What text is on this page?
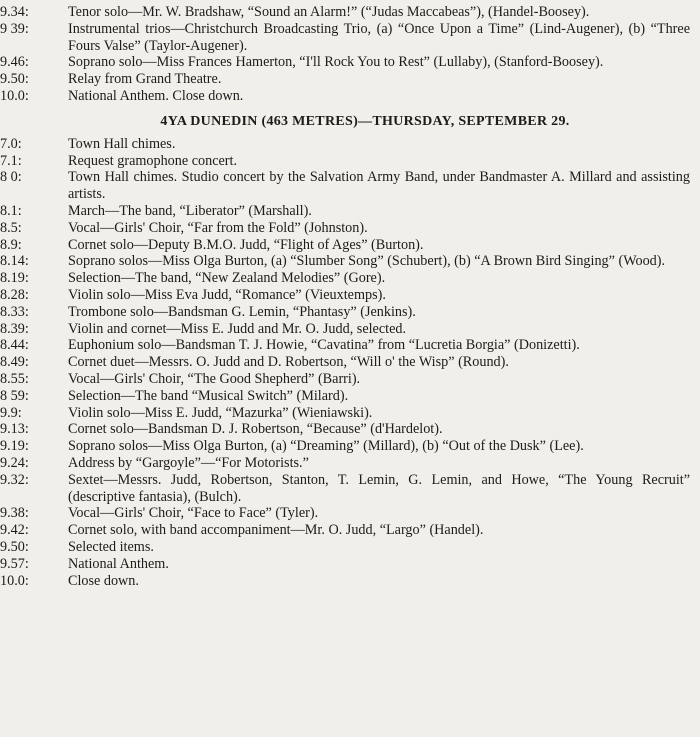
9.34:	Tenor solo—Mr. W. Bradshaw, “Sound an Alarm!” (“Judas Maccabeas”), (Handel-Boosey).
9 39:	Instrumental trios—Christchurch Broadcasting Trio, (a) “Once Upon a Time” (Lind-Augener), (b) “Three Fours Valse” (Taylor-Augener).
9.46:	Soprano solo—Miss Frances Hamerton, “I'll Rock You to Rest” (Lullaby), (Stanford-Boosey).
9.50:	Relay from Grand Theatre.
10.0:	National Anthem. Close down.
4YA DUNEDIN (463 METRES)—THURSDAY, SEPTEMBER 29.
7.0:	Town Hall chimes.
7.1:	Request gramophone concert.
8 0:	Town Hall chimes. Studio concert by the Salvation Army Band, under Bandmaster A. Millard and assisting artists.
8.1:	March—The band, “Liberator” (Marshall).
8.5:	Vocal—Girls' Choir, “Far from the Fold” (Johnston).
8.9:	Cornet solo—Deputy B.M.O. Judd, “Flight of Ages” (Burton).
8.14:	Soprano solos—Miss Olga Burton, (a) “Slumber Song” (Schubert), (b) “A Brown Bird Singing” (Wood).
8.19:	Selection—The band, “New Zealand Melodies” (Gore).
8.28:	Violin solo—Miss Eva Judd, “Romance” (Vieuxtemps).
8.33:	Trombone solo—Bandsman G. Lemin, “Phantasy” (Jenkins).
8.39:	Violin and cornet—Miss E. Judd and Mr. O. Judd, selected.
8.44:	Euphonium solo—Bandsman T. J. Howie, “Cavatina” from “Lucretia Borgia” (Donizetti).
8.49:	Cornet duet—Messrs. O. Judd and D. Robertson, “Will o' the Wisp” (Round).
8.55:	Vocal—Girls' Choir, “The Good Shepherd” (Barri).
8 59:	Selection—The band “Musical Switch” (Milard).
9.9:	Violin solo—Miss E. Judd, “Mazurka” (Wieniawski).
9.13:	Cornet solo—Bandsman D. J. Robertson, “Because” (d'Hardelot).
9.19:	Soprano solos—Miss Olga Burton, (a) “Dreaming” (Millard), (b) “Out of the Dusk” (Lee).
9.24:	Address by “Gargoyle”—“For Motorists.”
9.32:	Sextet—Messrs. Judd, Robertson, Stanton, T. Lemin, G. Lemin, and Howe, “The Young Recruit” (descriptive fantasia), (Bulch).
9.38:	Vocal—Girls' Choir, “Face to Face” (Tyler).
9.42:	Cornet solo, with band accompaniment—Mr. O. Judd, “Largo” (Handel).
9.50:	Selected items.
9.57:	National Anthem.
10.0:	Close down.
